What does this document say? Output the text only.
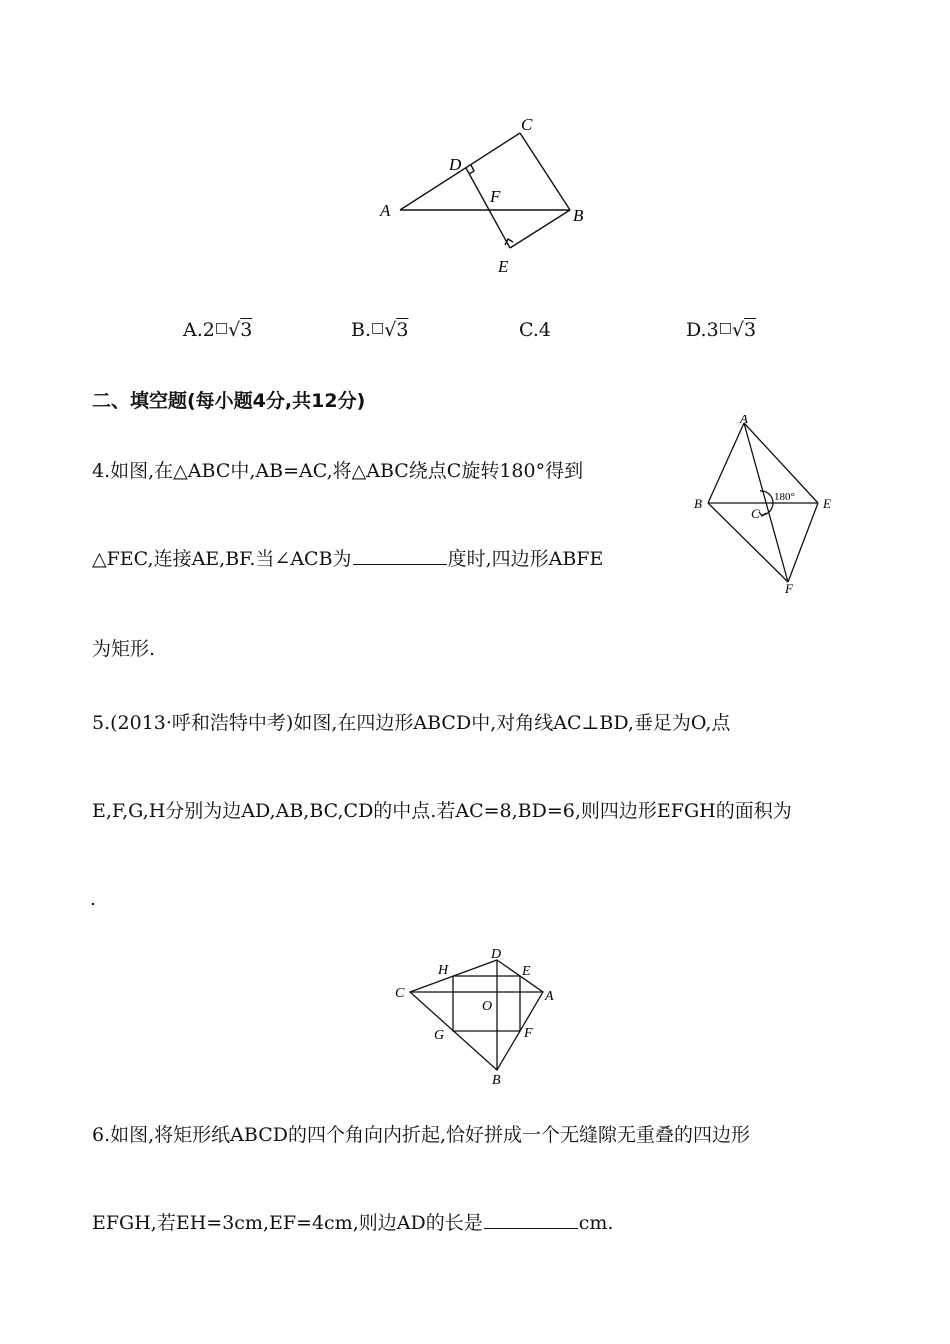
A	B
C
D
E
F
A.2□√3	B.□√3	C.4	D.3□√3
二、填空题(每小题4分,共12分)
4.如图,在△ABC中,AB=AC,将△ABC绕点C旋转180°得到
△FEC,连接AE,BF.当∠ACB为	度时,四边形ABFE
为矩形.
A
B
C
E
F
180°
5.(2013·呼和浩特中考)如图,在四边形ABCD中,对角线AC⊥BD,垂足为O,点
E,F,G,H分别为边AD,AB,BC,CD的中点.若AC=8,BD=6,则四边形EFGH的面积为
.
D
A
B
C
E
F
G
H
O
6.如图,将矩形纸ABCD的四个角向内折起,恰好拼成一个无缝隙无重叠的四边形
EFGH,若EH=3cm,EF=4cm,则边AD的长是	cm.
